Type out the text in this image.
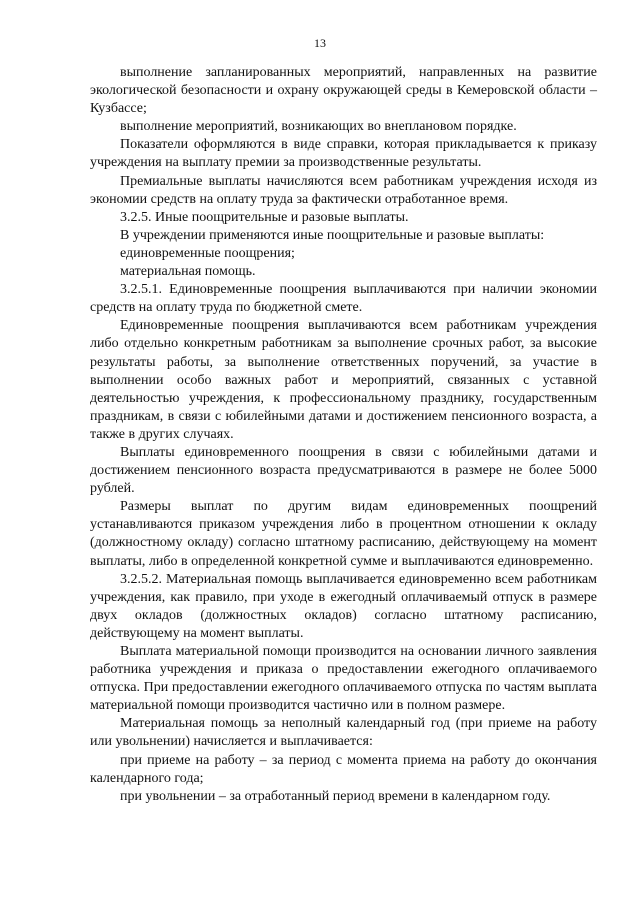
13

выполнение запланированных мероприятий, направленных на развитие экологической безопасности и охрану окружающей среды в Кемеровской области – Кузбассе;

выполнение мероприятий, возникающих во внеплановом порядке.

Показатели оформляются в виде справки, которая прикладывается к приказу учреждения на выплату премии за производственные результаты.

Премиальные выплаты начисляются всем работникам учреждения исходя из экономии средств на оплату труда за фактически отработанное время.

3.2.5. Иные поощрительные и разовые выплаты.

В учреждении применяются иные поощрительные и разовые выплаты:

единовременные поощрения;

материальная помощь.

3.2.5.1. Единовременные поощрения выплачиваются при наличии экономии средств на оплату труда по бюджетной смете.

Единовременные поощрения выплачиваются всем работникам учреждения либо отдельно конкретным работникам за выполнение срочных работ, за высокие результаты работы, за выполнение ответственных поручений, за участие в выполнении особо важных работ и мероприятий, связанных с уставной деятельностью учреждения, к профессиональному празднику, государственным праздникам, в связи с юбилейными датами и достижением пенсионного возраста, а также в других случаях.

Выплаты единовременного поощрения в связи с юбилейными датами и достижением пенсионного возраста предусматриваются в размере не более 5000 рублей.

Размеры выплат по другим видам единовременных поощрений устанавливаются приказом учреждения либо в процентном отношении к окладу (должностному окладу) согласно штатному расписанию, действующему на момент выплаты, либо в определенной конкретной сумме и выплачиваются единовременно.

3.2.5.2. Материальная помощь выплачивается единовременно всем работникам учреждения, как правило, при уходе в ежегодный оплачиваемый отпуск в размере двух окладов (должностных окладов) согласно штатному расписанию, действующему на момент выплаты.

Выплата материальной помощи производится на основании личного заявления работника учреждения и приказа о предоставлении ежегодного оплачиваемого отпуска. При предоставлении ежегодного оплачиваемого отпуска по частям выплата материальной помощи производится частично или в полном размере.

Материальная помощь за неполный календарный год (при приеме на работу или увольнении) начисляется и выплачивается:

при приеме на работу – за период с момента приема на работу до окончания календарного года;

при увольнении – за отработанный период времени в календарном году.
